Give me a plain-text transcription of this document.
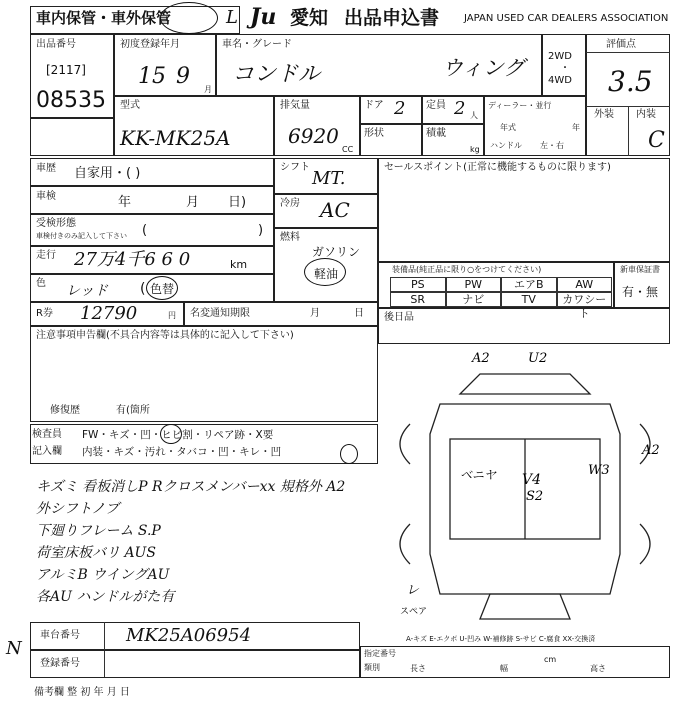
車内保管・車外保管	L Ju 愛知 出品申込書 JAPAN USED CAR DEALERS ASSOCIATION
出品番号
[2117]
08535
初度登録年月
15 9
月
車名・グレード
コンドル	ウィング 2WD
・
4WD
評価点
3.5
外装 内装
C
型式
KK-MK25A
排気量
6920
CC
ドア 2 定員 2 人
ディーラー・並行
年式	年
ハンドル 左・右
形状	積載
kg
車歴 自家用・( )
車検	年	月 日)
受検形態
車検付きのみ記入して下さい (	)
走行 27万4千6 6 0	km
色 レッド ( 色替
R券 12790	円 名変通知期限	月	日
シフト
MT.
冷房 AC
燃料
ガソリン
軽油
セールスポイント(正常に機能するものに限ります)
装備品(純正品に限り○をつけてください)
PS	PW	エアB	AW
SR	ナビ	TV	カワシート
新車保証書
有・無
後日品
注意事項申告欄(不具合内容等は具体的に記入して下さい)
修復歴	有(箇所
検査員
記入欄
FW・キズ・凹・ヒビ割・リペア跡・X要
内装・キズ・汚れ・タバコ・凹・キレ・凹
キズミ 看板消しP Rクロスメンバーxx 規格外 A2
外シフトノブ
下廻りフレーム S.P
荷室床板バリ AUS
アルミB ウイングAU
各AU ハンドルがた有
A2	U2
A2
ベニヤ	W3
V4
S2
レ
スペア
A-キズ E-エクボ U-凹み W-補修跡 S-サビ C-腐食 XX-交換済
車台番号	MK25A06954
登録番号
指定番号
類別	長さ	幅	高さ
cm
N
備考欄 整 初 年 月 日
